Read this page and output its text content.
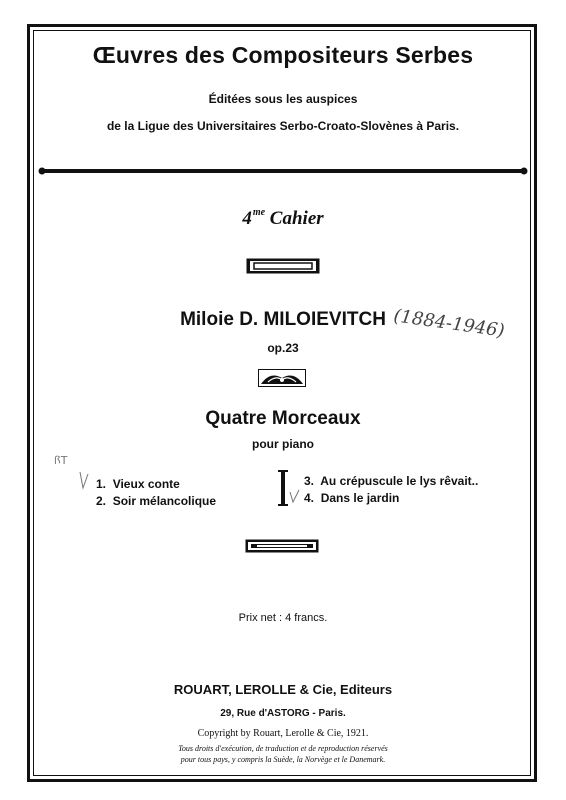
Œuvres des Compositeurs Serbes
Éditées sous les auspices
de la Ligue des Universitaires Serbo-Croato-Slovènes à Paris.
$4^{me}$ Cahier
Miloie D. MILOIEVITCH (1884-1946)
op.23
Quatre Morceaux
pour piano
1. Vieux conte
2. Soir mélancolique
3. Au crépuscule le lys rêvait..
4. Dans le jardin
ꟗT
Prix net : 4 francs.
ROUART, LEROLLE & Cie, Editeurs
29, Rue d'ASTORG - Paris.
Copyright by Rouart, Lerolle & Cie, 1921.
Tous droits d'exécution, de traduction et de reproduction réservés
pour tous pays, y compris la Suède, la Norvège et le Danemark.
